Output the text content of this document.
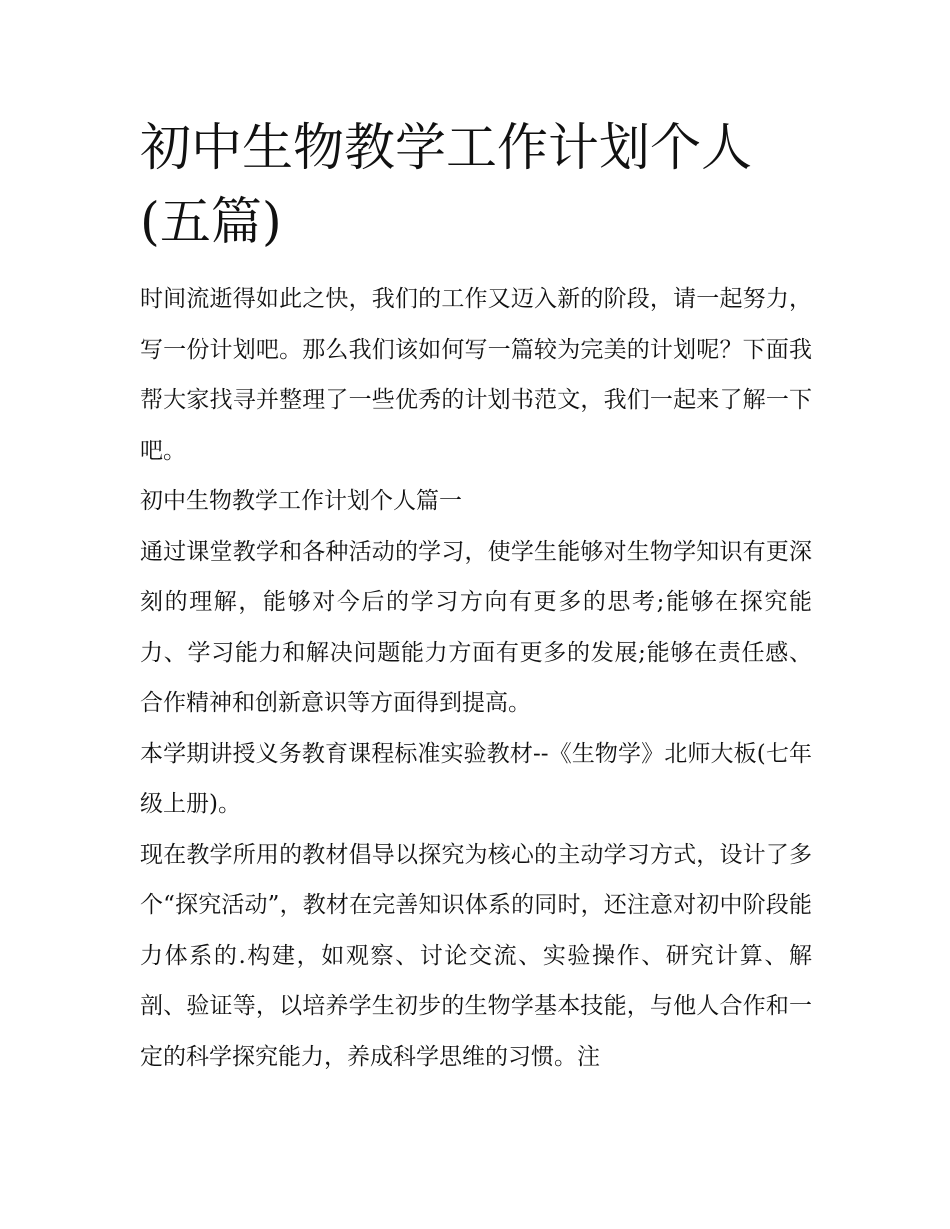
初中生物教学工作计划个人(五篇)

时间流逝得如此之快，我们的工作又迈入新的阶段，请一起努力，写一份计划吧。那么我们该如何写一篇较为完美的计划呢？下面我帮大家找寻并整理了一些优秀的计划书范文，我们一起来了解一下吧。

初中生物教学工作计划个人篇一

通过课堂教学和各种活动的学习，使学生能够对生物学知识有更深刻的理解，能够对今后的学习方向有更多的思考;能够在探究能力、学习能力和解决问题能力方面有更多的发展;能够在责任感、合作精神和创新意识等方面得到提高。

本学期讲授义务教育课程标准实验教材--《生物学》北师大板(七年级上册)。

现在教学所用的教材倡导以探究为核心的主动学习方式，设计了多个“探究活动”，教材在完善知识体系的同时，还注意对初中阶段能力体系的.构建，如观察、讨论交流、实验操作、研究计算、解剖、验证等，以培养学生初步的生物学基本技能，与他人合作和一定的科学探究能力，养成科学思维的习惯。注
